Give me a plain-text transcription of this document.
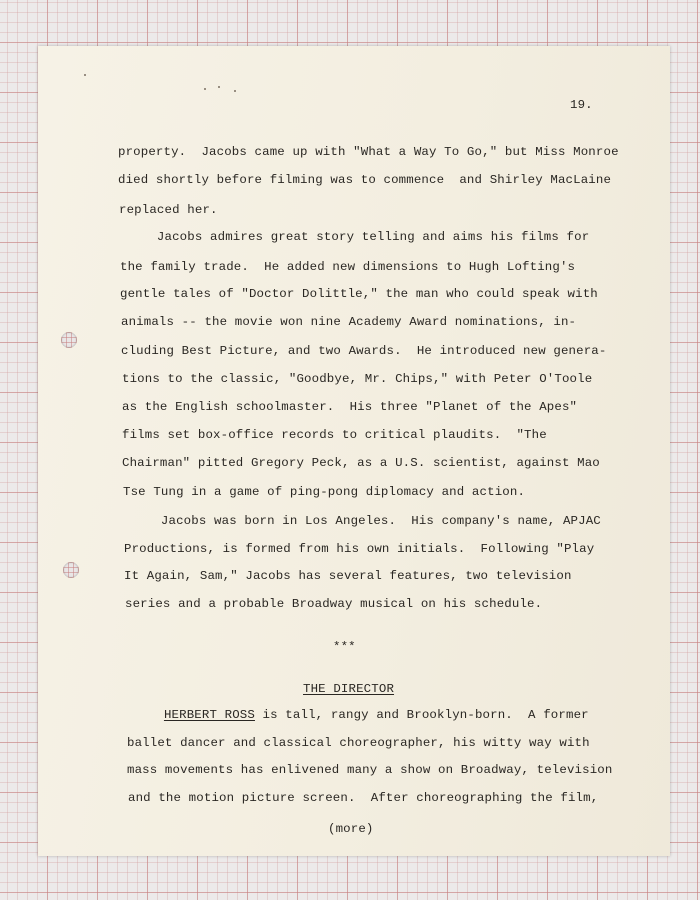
19.

property.  Jacobs came up with "What a Way To Go," but Miss Monroe

died shortly before filming was to commence  and Shirley MacLaine

replaced her.

Jacobs admires great story telling and aims his films for

the family trade.  He added new dimensions to Hugh Lofting's

gentle tales of "Doctor Dolittle," the man who could speak with

animals -- the movie won nine Academy Award nominations, in-

cluding Best Picture, and two Awards.  He introduced new genera-

tions to the classic, "Goodbye, Mr. Chips," with Peter O'Toole

as the English schoolmaster.  His three "Planet of the Apes"

films set box-office records to critical plaudits.  "The

Chairman" pitted Gregory Peck, as a U.S. scientist, against Mao

Tse Tung in a game of ping-pong diplomacy and action.

Jacobs was born in Los Angeles.  His company's name, APJAC

Productions, is formed from his own initials.  Following "Play

It Again, Sam," Jacobs has several features, two television

series and a probable Broadway musical on his schedule.

***

THE DIRECTOR

HERBERT ROSS is tall, rangy and Brooklyn-born.  A former

ballet dancer and classical choreographer, his witty way with

mass movements has enlivened many a show on Broadway, television

and the motion picture screen.  After choreographing the film,

(more)
